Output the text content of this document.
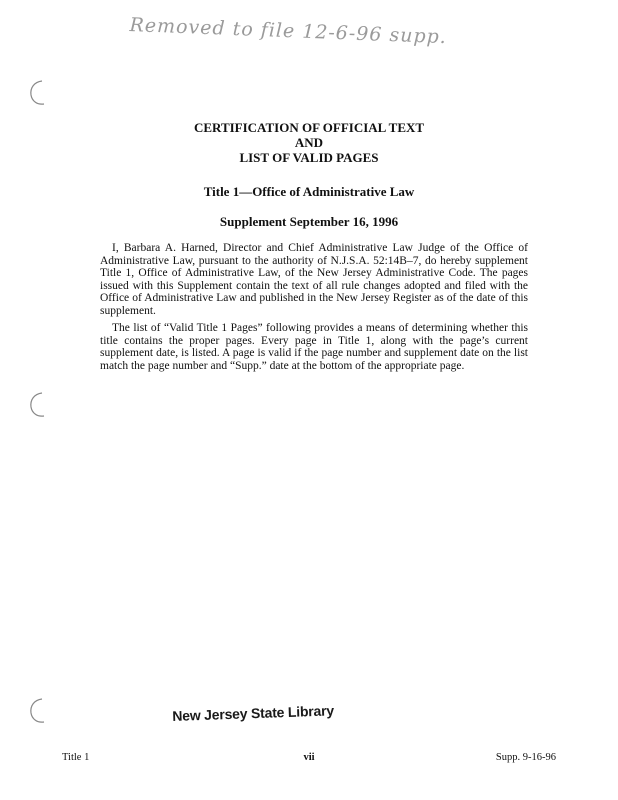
Removed to file 12-6-96 supp.
CERTIFICATION OF OFFICIAL TEXT
AND
LIST OF VALID PAGES
Title 1—Office of Administrative Law
Supplement September 16, 1996

I, Barbara A. Harned, Director and Chief Administrative Law Judge of the Office of Administrative Law, pursuant to the authority of N.J.S.A. 52:14B–7, do hereby supplement Title 1, Office of Administrative Law, of the New Jersey Administrative Code. The pages issued with this Supplement contain the text of all rule changes adopted and filed with the Office of Administrative Law and published in the New Jersey Register as of the date of this supplement.

The list of “Valid Title 1 Pages” following provides a means of determining whether this title contains the proper pages. Every page in Title 1, along with the page’s current supplement date, is listed. A page is valid if the page number and supplement date on the list match the page number and “Supp.” date at the bottom of the appropriate page.

New Jersey State Library
Title 1	vii	Supp. 9-16-96
